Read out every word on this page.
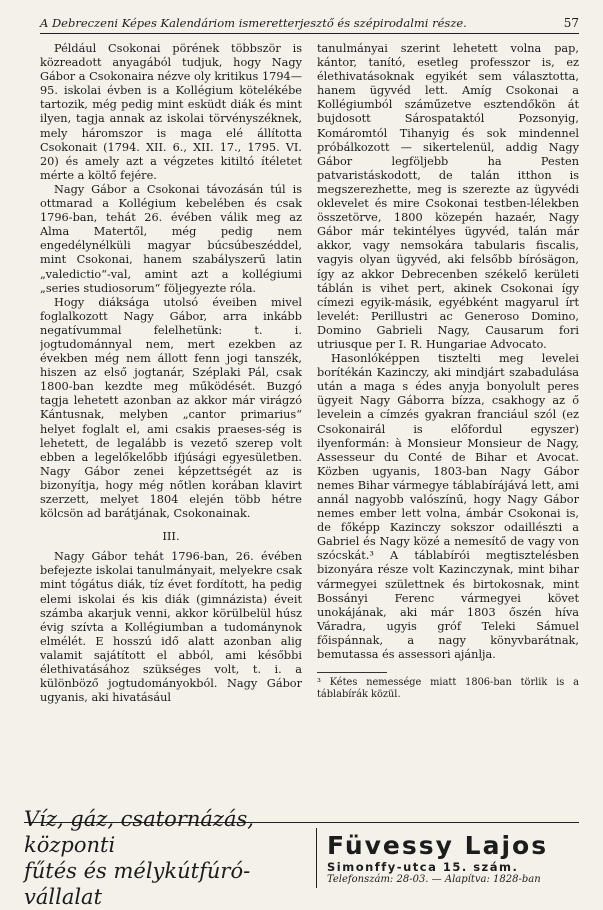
A Debreczeni Képes Kalendáriom ismeretterjesztő és szépirodalmi része.	57

Például Csokonai pörének többször is közreadott anyagából tudjuk, hogy Nagy Gábor a Csokonaira nézve oly kritikus 1794—95. iskolai évben is a Kollégium kötelékébe tartozik, még pedig mint esküdt diák és mint ilyen, tagja annak az iskolai törvényszéknek, mely háromszor is maga elé állította Csokonait (1794. XII. 6., XII. 17., 1795. VI. 20) és amely azt a végzetes kitiltó ítéletet mérte a költő fejére.

Nagy Gábor a Csokonai távozásán túl is ottmarad a Kollégium kebelében és csak 1796-ban, tehát 26. évében válik meg az Alma Matertől, még pedig nem engedélynélküli magyar búcsúbeszéddel, mint Csokonai, hanem szabályszerű latin „valedictio“-val, amint azt a kollégiumi „series studiosorum“ följegyezte róla.

Hogy diáksága utolsó éveiben mivel foglalkozott Nagy Gábor, arra inkább negatívummal felelhetünk: t. i. jogtudománnyal nem, mert ezekben az években még nem állott fenn jogi tanszék, hiszen az első jogtanár, Széplaki Pál, csak 1800-ban kezdte meg működését. Buzgó tagja lehetett azonban az akkor már virágzó Kántusnak, melyben „cantor primarius“ helyet foglalt el, ami csakis praeses-ség is lehetett, de legalább is vezető szerep volt ebben a legelőkelőbb ifjúsági egyesületben. Nagy Gábor zenei képzettségét az is bizonyítja, hogy még nőtlen korában klavirt szerzett, melyet 1804 elején több hétre kölcsön ad barátjának, Csokonainak.

III.

Nagy Gábor tehát 1796-ban, 26. évében befejezte iskolai tanulmányait, melyekre csak mint tógátus diák, tíz évet fordított, ha pedig elemi iskolai és kis diák (gimnázista) éveit számba akarjuk venni, akkor körülbelül húsz évig szívta a Kollégiumban a tudománynok elmélét. E hosszú idő alatt azonban alig valamit sajátított el abból, ami későbbi élethivatásához szükséges volt, t. i. a különböző jogtudományokból. Nagy Gábor ugyanis, aki hivatásául

tanulmányai szerint lehetett volna pap, kántor, tanító, esetleg professzor is, ez élethivatásoknak egyikét sem választotta, hanem ügyvéd lett. Amíg Csokonai a Kollégiumból száműzetve esztendőkön át bujdosott Sárospataktól Pozsonyig, Komáromtól Tihanyig és sok mindennel próbálkozott — sikertelenül, addig Nagy Gábor legföljebb ha Pesten patvaristáskodott, de talán itthon is megszerezhette, meg is szerezte az ügyvédi oklevelet és mire Csokonai testben-lélekben összetörve, 1800 közepén hazaér, Nagy Gábor már tekintélyes ügyvéd, talán már akkor, vagy nemsokára tabularis fiscalis, vagyis olyan ügyvéd, aki felsőbb bírósägon, így az akkor Debrecenben székelő kerületi táblán is vihet pert, akinek Csokonai így címezi egyik-másik, egyébként magyarul írt levelét: Perillustri ac Generoso Domino, Domino Gabrieli Nagy, Causarum fori utriusque per I. R. Hungariae Advocato.

Hasonlóképpen tisztelti meg levelei borítékán Kazinczy, aki mindjárt szabadulása után a maga s édes anyja bonyolult peres ügyeit Nagy Gáborra bízza, csakhogy az ő levelein a címzés gyakran franciául szól (ez Csokonairál is előfordul egyszer) ilyenformán: à Monsieur Monsieur de Nagy, Assesseur du Conté de Bihar et Avocat. Közben ugyanis, 1803-ban Nagy Gábor nemes Bihar vármegye táblabírájává lett, ami annál nagyobb valószínű, hogy Nagy Gábor nemes ember lett volna, ámbár Csokonai is, de főképp Kazinczy sokszor odaillészti a Gabriel és Nagy közé a nemesítő de vagy von szócskát.³ A táblabírói megtisztelésben bizonyára része volt Kazinczynak, mint bihar vármegyei születtnek és birtokosnak, mint Bossányi Ferenc vármegyei követ unokájának, aki már 1803 őszén híva Váradra, ugyis gróf Teleki Sámuel főispánnak, a nagy könyvbarátnak, bemutassa és assessori ajánlja.

³ Kétes nemessége miatt 1806-ban törlik is a táblabírák közül.

Víz, gáz, csatornázás, központi
fűtés és mélykútfúró-vállalat
Füvessy Lajos
Simonffy-utca 15. szám.
Telefonszám: 28-03. — Alapítva: 1828-ban
